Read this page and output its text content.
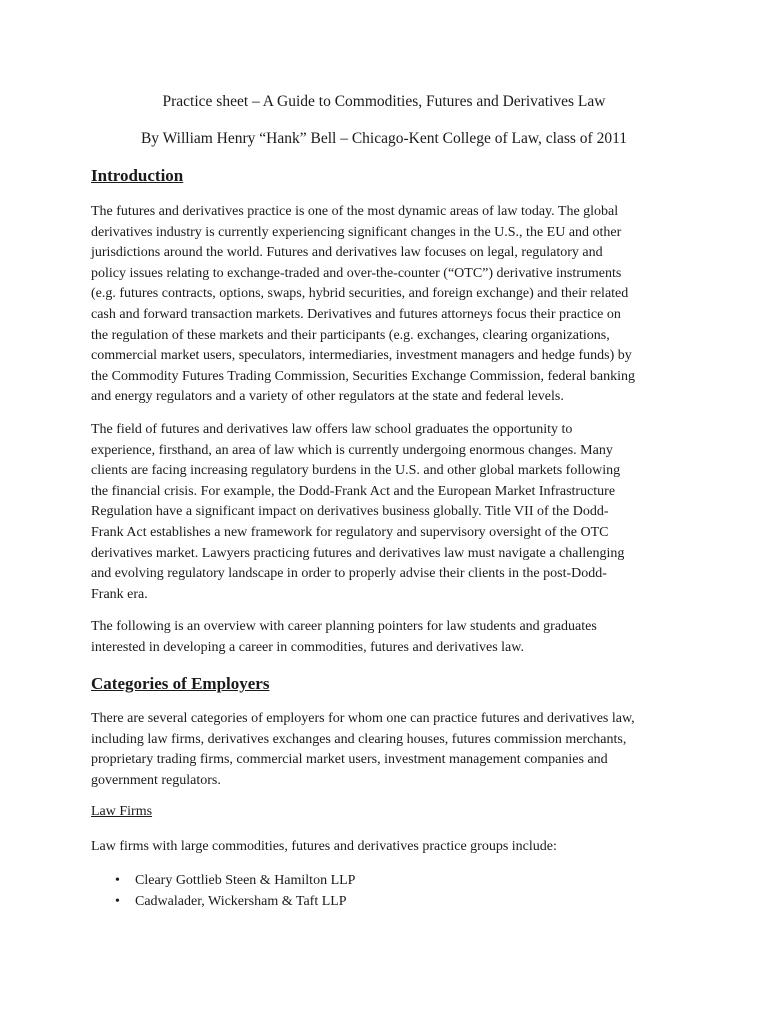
Practice sheet – A Guide to Commodities, Futures and Derivatives Law
By William Henry “Hank” Bell – Chicago-Kent College of Law, class of 2011
Introduction
The futures and derivatives practice is one of the most dynamic areas of law today. The global
derivatives industry is currently experiencing significant changes in the U.S., the EU and other
jurisdictions around the world. Futures and derivatives law focuses on legal, regulatory and
policy issues relating to exchange-traded and over-the-counter (“OTC”) derivative instruments
(e.g. futures contracts, options, swaps, hybrid securities, and foreign exchange) and their related
cash and forward transaction markets. Derivatives and futures attorneys focus their practice on
the regulation of these markets and their participants (e.g. exchanges, clearing organizations,
commercial market users, speculators, intermediaries, investment managers and hedge funds) by
the Commodity Futures Trading Commission, Securities Exchange Commission, federal banking
and energy regulators and a variety of other regulators at the state and federal levels.
The field of futures and derivatives law offers law school graduates the opportunity to
experience, firsthand, an area of law which is currently undergoing enormous changes. Many
clients are facing increasing regulatory burdens in the U.S. and other global markets following
the financial crisis. For example, the Dodd-Frank Act and the European Market Infrastructure
Regulation have a significant impact on derivatives business globally. Title VII of the Dodd-
Frank Act establishes a new framework for regulatory and supervisory oversight of the OTC
derivatives market. Lawyers practicing futures and derivatives law must navigate a challenging
and evolving regulatory landscape in order to properly advise their clients in the post-Dodd-
Frank era.
The following is an overview with career planning pointers for law students and graduates
interested in developing a career in commodities, futures and derivatives law.
Categories of Employers
There are several categories of employers for whom one can practice futures and derivatives law,
including law firms, derivatives exchanges and clearing houses, futures commission merchants,
proprietary trading firms, commercial market users, investment management companies and
government regulators.
Law Firms
Law firms with large commodities, futures and derivatives practice groups include:
• Cleary Gottlieb Steen & Hamilton LLP
• Cadwalader, Wickersham & Taft LLP
